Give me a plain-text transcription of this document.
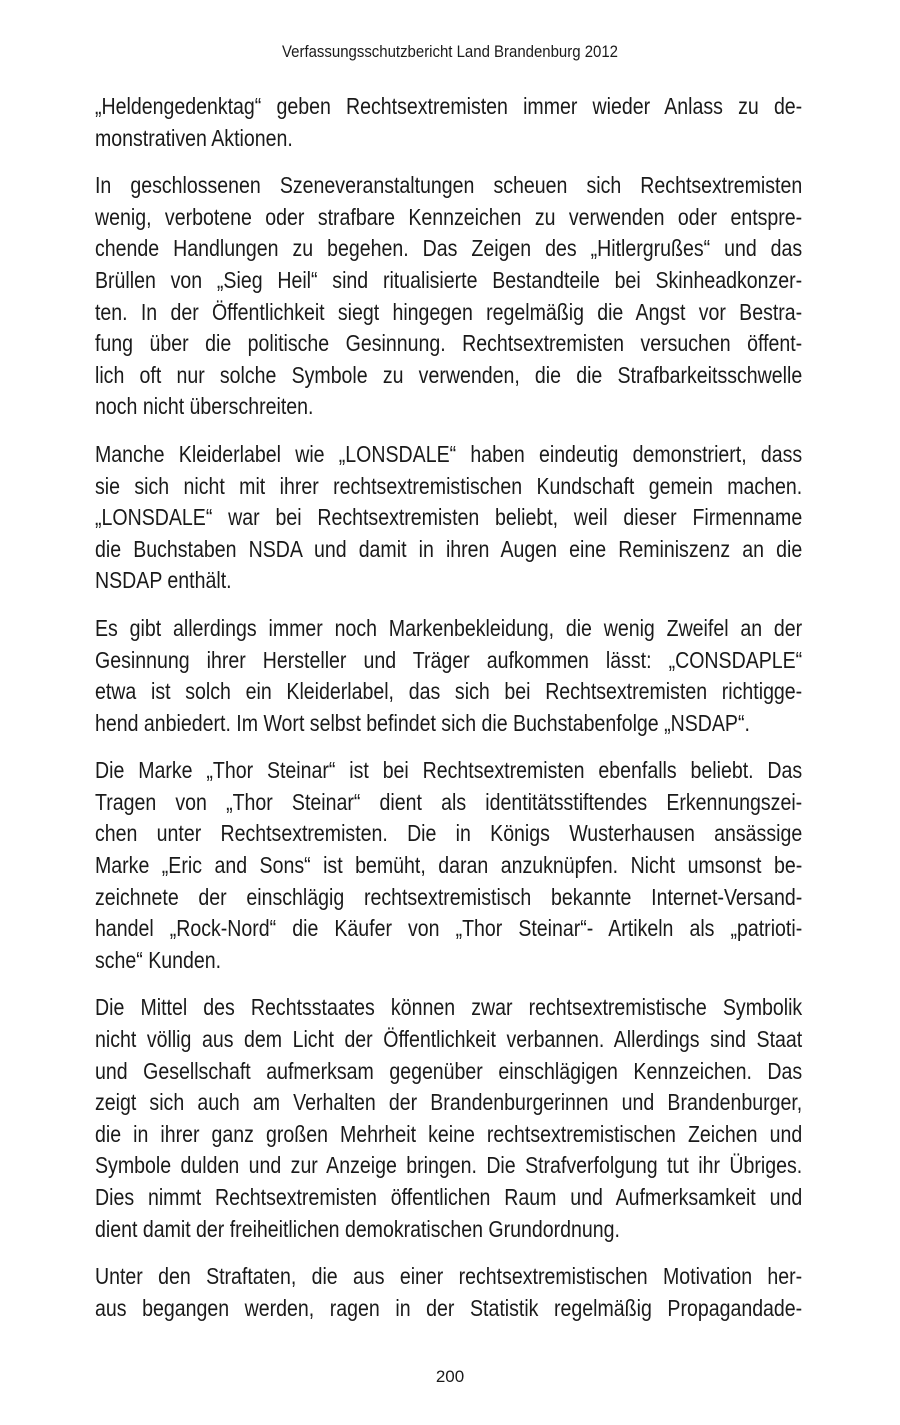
Verfassungsschutzbericht Land Brandenburg 2012
„Heldengedenktag“ geben Rechtsextremisten immer wieder Anlass zu de-
monstrativen Aktionen.
In geschlossenen Szeneveranstaltungen scheuen sich Rechtsextremisten
wenig, verbotene oder strafbare Kennzeichen zu verwenden oder entspre-
chende Handlungen zu begehen. Das Zeigen des „Hitlergrußes“ und das
Brüllen von „Sieg Heil“ sind ritualisierte Bestandteile bei Skinheadkonzer-
ten. In der Öffentlichkeit siegt hingegen regelmäßig die Angst vor Bestra-
fung über die politische Gesinnung. Rechtsextremisten versuchen öffent-
lich oft nur solche Symbole zu verwenden, die die Strafbarkeitsschwelle
noch nicht überschreiten.
Manche Kleiderlabel wie „LONSDALE“ haben eindeutig demonstriert, dass
sie sich nicht mit ihrer rechtsextremistischen Kundschaft gemein machen.
„LONSDALE“ war bei Rechtsextremisten beliebt, weil dieser Firmenname
die Buchstaben NSDA und damit in ihren Augen eine Reminiszenz an die
NSDAP enthält.
Es gibt allerdings immer noch Markenbekleidung, die wenig Zweifel an der
Gesinnung ihrer Hersteller und Träger aufkommen lässt: „CONSDAPLE“
etwa ist solch ein Kleiderlabel, das sich bei Rechtsextremisten richtigge-
hend anbiedert. Im Wort selbst befindet sich die Buchstabenfolge „NSDAP“.
Die Marke „Thor Steinar“ ist bei Rechtsextremisten ebenfalls beliebt. Das
Tragen von „Thor Steinar“ dient als identitätsstiftendes Erkennungszei-
chen unter Rechtsextremisten. Die in Königs Wusterhausen ansässige
Marke „Eric and Sons“ ist bemüht, daran anzuknüpfen. Nicht umsonst be-
zeichnete der einschlägig rechtsextremistisch bekannte Internet-Versand-
handel „Rock-Nord“ die Käufer von „Thor Steinar“- Artikeln als „patrioti-
sche“ Kunden.
Die Mittel des Rechtsstaates können zwar rechtsextremistische Symbolik
nicht völlig aus dem Licht der Öffentlichkeit verbannen. Allerdings sind Staat
und Gesellschaft aufmerksam gegenüber einschlägigen Kennzeichen. Das
zeigt sich auch am Verhalten der Brandenburgerinnen und Brandenburger,
die in ihrer ganz großen Mehrheit keine rechtsextremistischen Zeichen und
Symbole dulden und zur Anzeige bringen. Die Strafverfolgung tut ihr Übriges.
Dies nimmt Rechtsextremisten öffentlichen Raum und Aufmerksamkeit und
dient damit der freiheitlichen demokratischen Grundordnung.
Unter den Straftaten, die aus einer rechtsextremistischen Motivation her-
aus begangen werden, ragen in der Statistik regelmäßig Propagandade-
200
